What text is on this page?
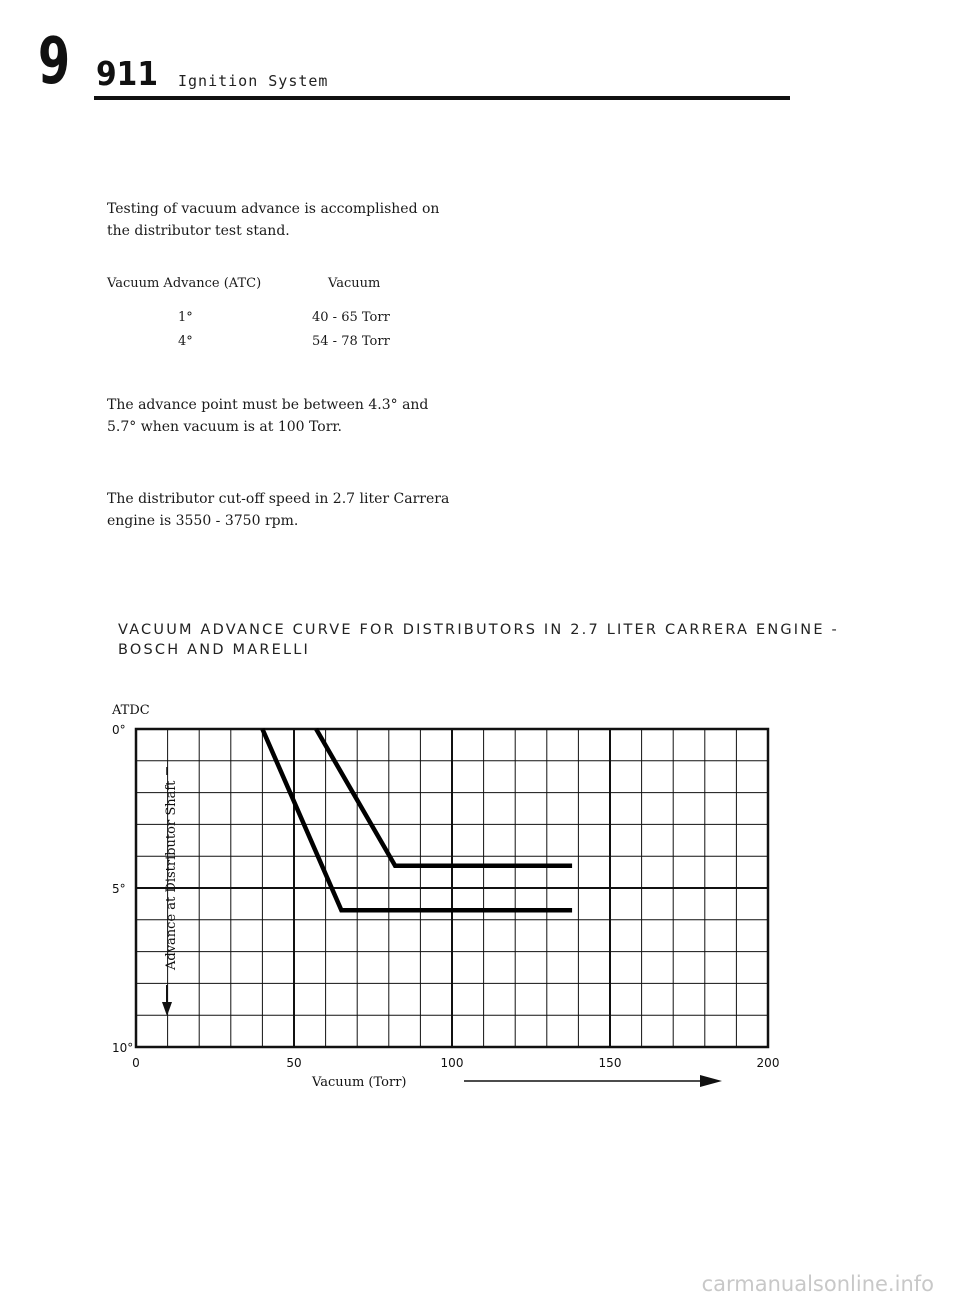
9 911 Ignition System
Testing of vacuum advance is accomplished on
the distributor test stand.
Vacuum Advance (ATC)	Vacuum
1°	40 - 65 Torr
4°	54 - 78 Torr
The advance point must be between 4.3° and
5.7° when vacuum is at 100 Torr.
The distributor cut-off speed in 2.7 liter Carrera
engine is 3550 - 3750 rpm.
VACUUM ADVANCE CURVE FOR DISTRIBUTORS IN 2.7 LITER CARRERA ENGINE -
BOSCH AND MARELLI
0	50	100	150	200
0°
5°
10°
ATDC
Advance at Distributor Shaft
Vacuum (Torr)
carmanualsonline.info
